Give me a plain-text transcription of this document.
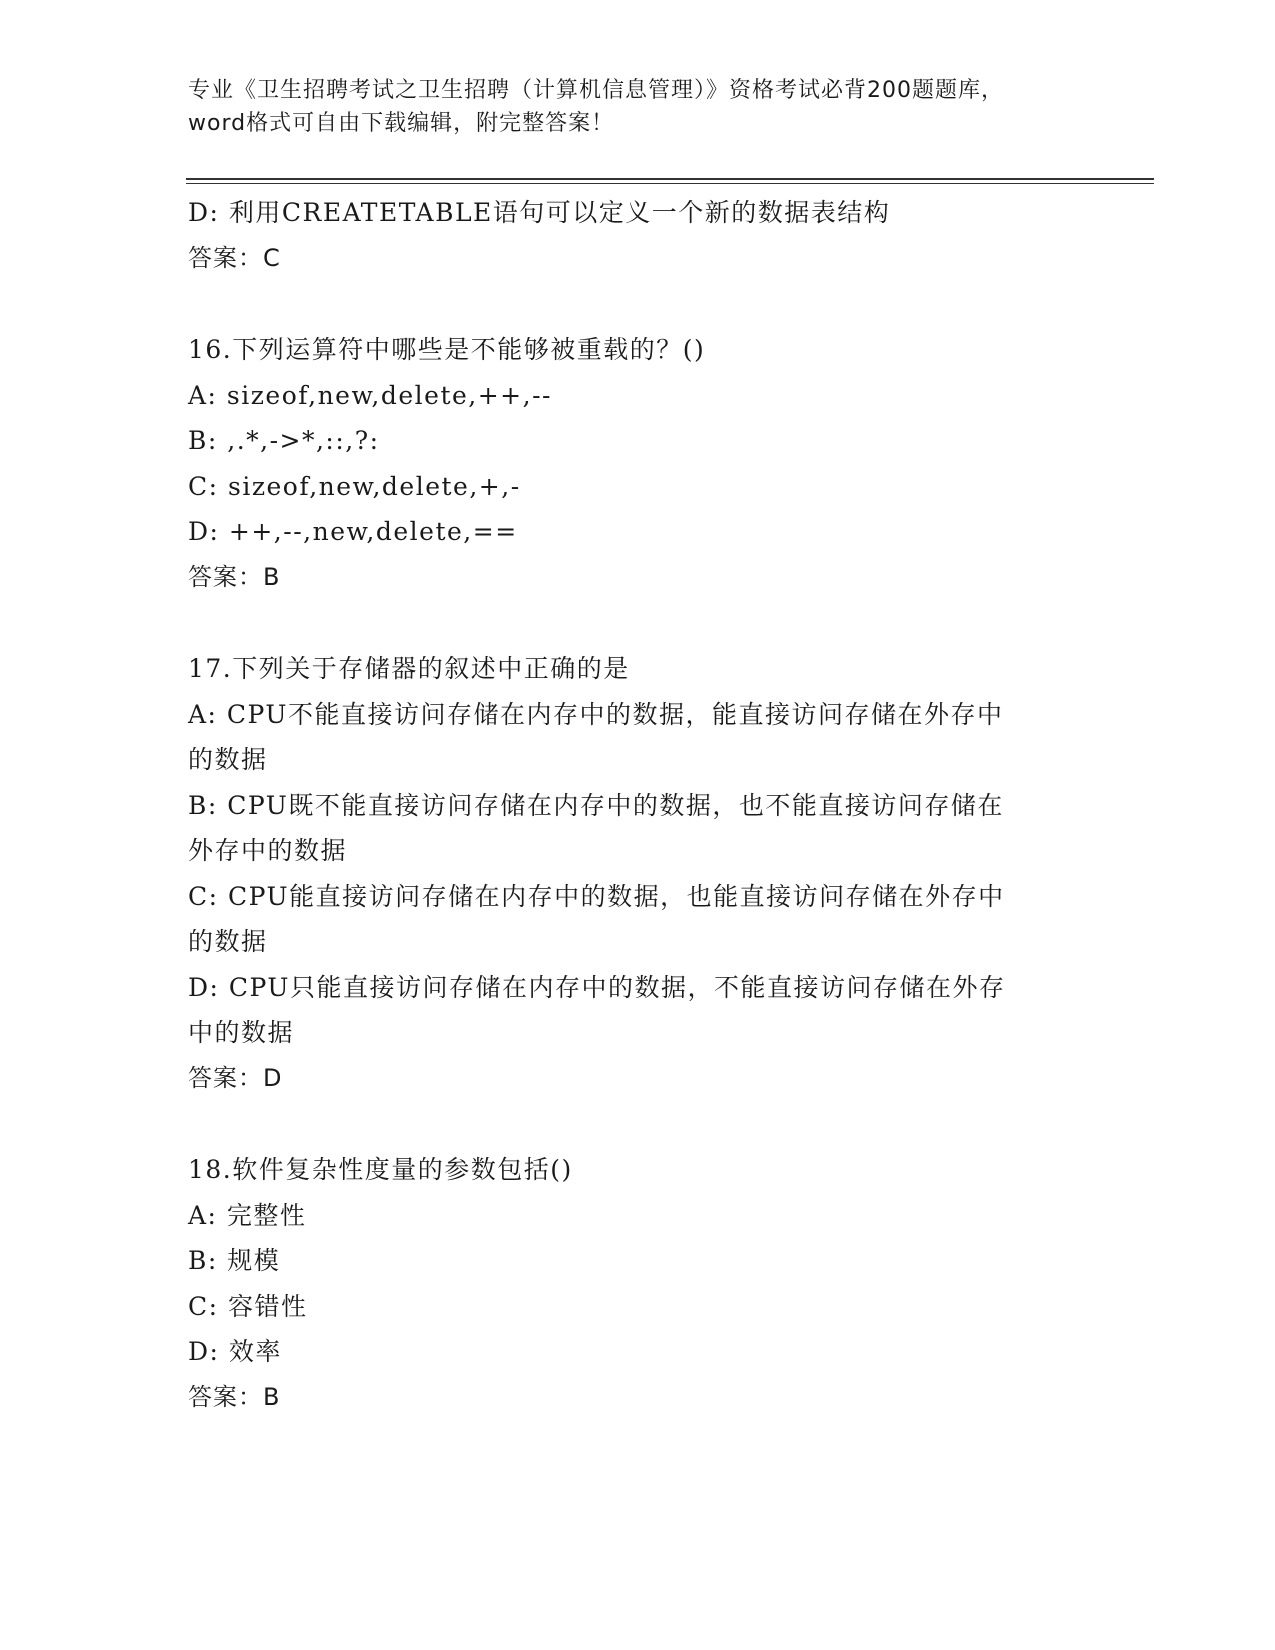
专业《卫生招聘考试之卫生招聘（计算机信息管理）》资格考试必背200题题库，
word格式可自由下载编辑，附完整答案！
D: 利用CREATETABLE语句可以定义一个新的数据表结构
答案：C
16.下列运算符中哪些是不能够被重载的？()
A: sizeof,new,delete,++,--
B: ,.*,->*,::,?:
C: sizeof,new,delete,+,-
D: ++,--,new,delete,==
答案：B
17.下列关于存储器的叙述中正确的是
A: CPU不能直接访问存储在内存中的数据，能直接访问存储在外存中
的数据
B: CPU既不能直接访问存储在内存中的数据，也不能直接访问存储在
外存中的数据
C: CPU能直接访问存储在内存中的数据，也能直接访问存储在外存中
的数据
D: CPU只能直接访问存储在内存中的数据，不能直接访问存储在外存
中的数据
答案：D
18.软件复杂性度量的参数包括()
A: 完整性
B: 规模
C: 容错性
D: 效率
答案：B
